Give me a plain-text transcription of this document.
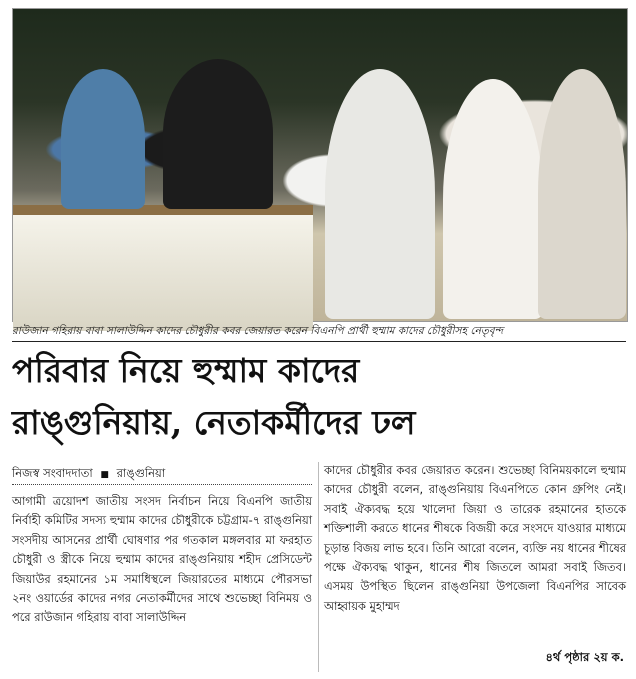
রাউজান গহিরায় বাবা সালাউদ্দিন কাদের চৌধুরীর কবর জেয়ারত করেন বিএনপি প্রার্থী হুম্মাম কাদের চৌধুরীসহ নেতৃবৃন্দ
পরিবার নিয়ে হুম্মাম কাদের
রাঙ্গুনিয়ায়, নেতাকর্মীদের ঢল
নিজস্ব সংবাদদাতা ■ রাঙ্গুনিয়া

আগামী ত্রয়োদশ জাতীয় সংসদ নির্বাচন নিয়ে বিএনপি জাতীয় নির্বাহী কমিটির সদস্য হুম্মাম কাদের চৌধুরীকে চট্টগ্রাম-৭ রাঙ্গুনিয়া সংসদীয় আসনের প্রার্থী ঘোষণার পর গতকাল মঙ্গলবার মা ফরহাত চৌধুরী ও স্ত্রীকে নিয়ে হুম্মাম কাদের রাঙ্গুনিয়ায় শহীদ প্রেসিডেন্ট জিয়াউর রহমানের ১ম সমাধিস্থলে জিয়ারতের মাধ্যমে পৌরসভা ২নং ওয়ার্ডের কাদের নগর নেতাকর্মীদের সাথে শুভেচ্ছা বিনিময় ও পরে রাউজান গহিরায় বাবা সালাউদ্দিন

কাদের চৌধুরীর কবর জেয়ারত করেন। শুভেচ্ছা বিনিময়কালে হুম্মাম কাদের চৌধুরী বলেন, রাঙ্গুনিয়ায় বিএনপিতে কোন গ্রুপিং নেই। সবাই ঐক্যবদ্ধ হয়ে খালেদা জিয়া ও তারেক রহমানের হাতকে শক্তিশালী করতে ধানের শীষকে বিজয়ী করে সংসদে যাওয়ার মাধ্যমে চূড়ান্ত বিজয় লাভ হবে। তিনি আরো বলেন, ব্যক্তি নয় ধানের শীষের পক্ষে ঐক্যবদ্ধ থাকুন, ধানের শীষ জিতলে আমরা সবাই জিতব। এসময় উপস্থিত ছিলেন রাঙ্গুনিয়া উপজেলা বিএনপির সাবেক আহ্বায়ক মুহাম্মদ

৪র্থ পৃষ্ঠার ২য় ক.
